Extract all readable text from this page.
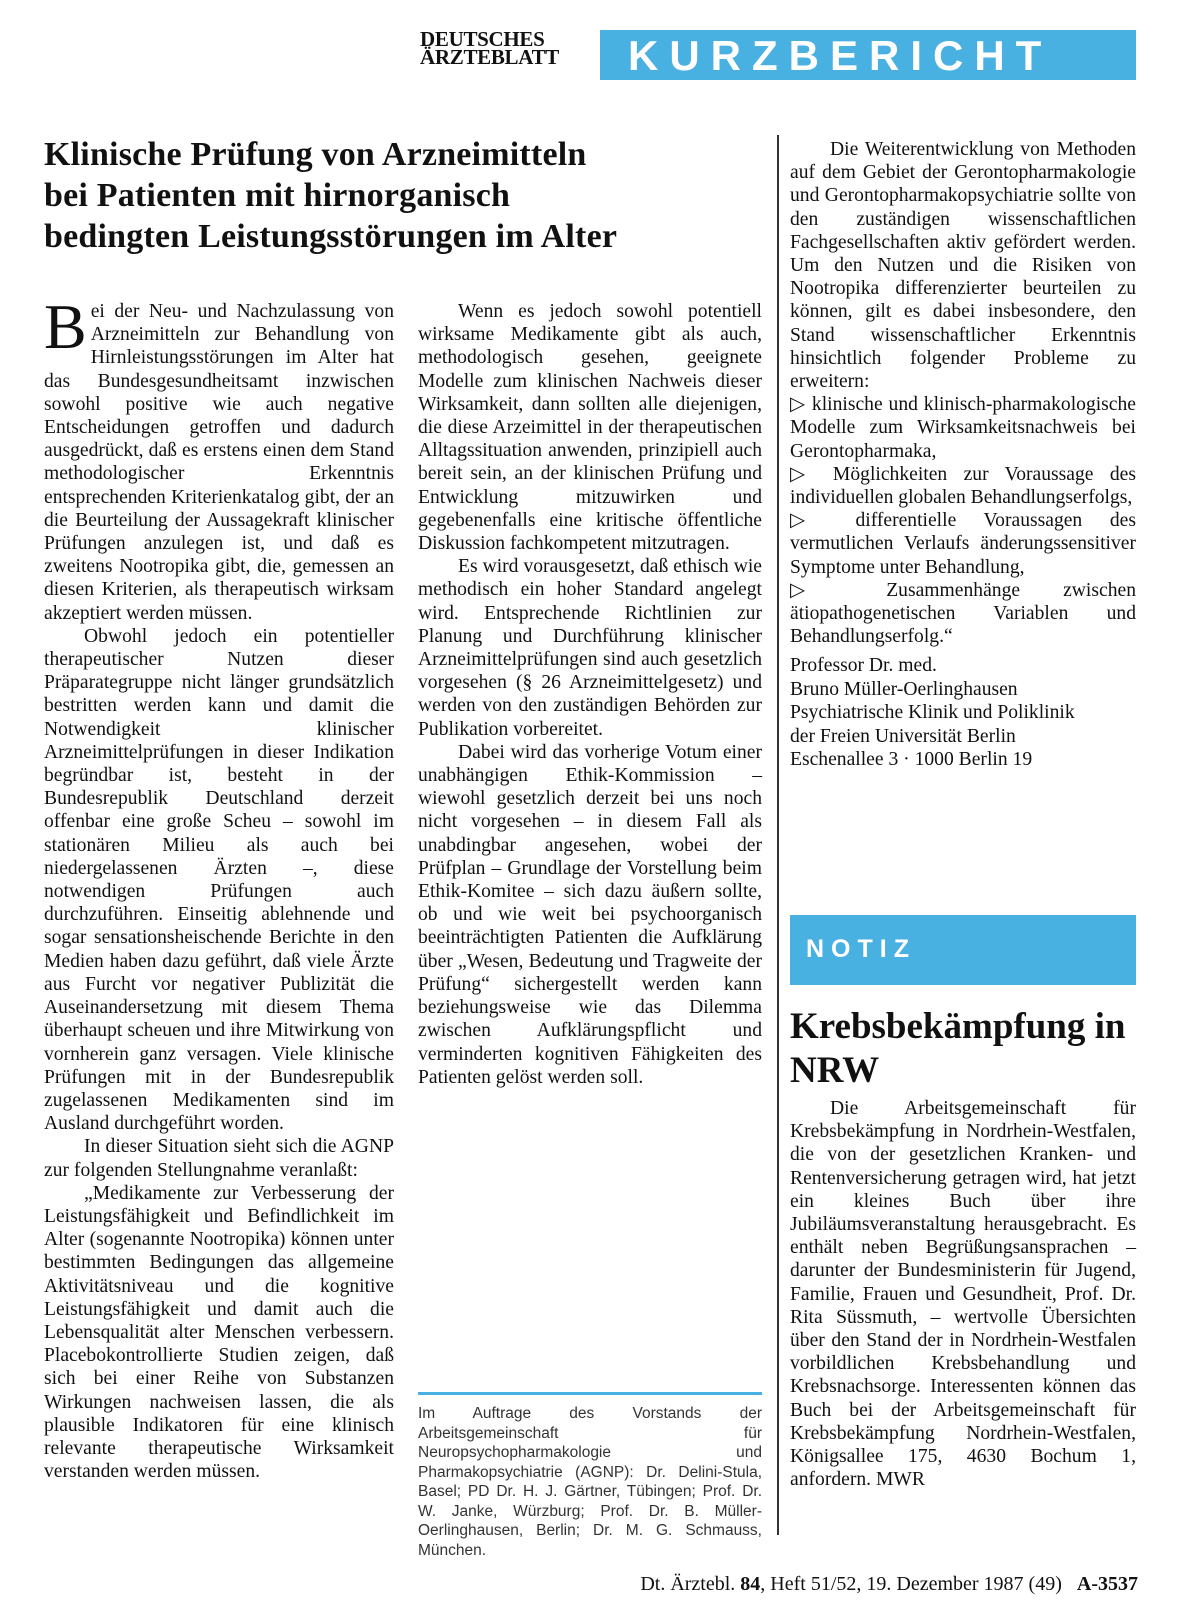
DEUTSCHES
ÄRZTEBLATT	KURZBERICHT
Klinische Prüfung von Arzneimitteln
bei Patienten mit hirnorganisch
bedingten Leistungsstörungen im Alter

Bei der Neu- und Nachzulassung von Arzneimitteln zur Behandlung von Hirnleistungsstörungen im Alter hat das Bundesgesundheitsamt inzwischen sowohl positive wie auch negative Entscheidungen getroffen und dadurch ausgedrückt, daß es erstens einen dem Stand methodologischer Erkenntnis entsprechenden Kriterienkatalog gibt, der an die Beurteilung der Aussagekraft klinischer Prüfungen anzulegen ist, und daß es zweitens Nootropika gibt, die, gemessen an diesen Kriterien, als therapeutisch wirksam akzeptiert werden müssen.

Obwohl jedoch ein potentieller therapeutischer Nutzen dieser Präparategruppe nicht länger grundsätzlich bestritten werden kann und damit die Notwendigkeit klinischer Arzneimittelprüfungen in dieser Indikation begründbar ist, besteht in der Bundesrepublik Deutschland derzeit offenbar eine große Scheu – sowohl im stationären Milieu als auch bei niedergelassenen Ärzten –, diese notwendigen Prüfungen auch durchzuführen. Einseitig ablehnende und sogar sensationsheischende Berichte in den Medien haben dazu geführt, daß viele Ärzte aus Furcht vor negativer Publizität die Auseinandersetzung mit diesem Thema überhaupt scheuen und ihre Mitwirkung von vornherein ganz versagen. Viele klinische Prüfungen mit in der Bundesrepublik zugelassenen Medikamenten sind im Ausland durchgeführt worden.

In dieser Situation sieht sich die AGNP zur folgenden Stellungnahme veranlaßt:

„Medikamente zur Verbesserung der Leistungsfähigkeit und Befindlichkeit im Alter (sogenannte Nootropika) können unter bestimmten Bedingungen das allgemeine Aktivitätsniveau und die kognitive Leistungsfähigkeit und damit auch die Lebensqualität alter Menschen verbessern. Placebokontrollierte Studien zeigen, daß sich bei einer Reihe von Substanzen Wirkungen nachweisen lassen, die als plausible Indikatoren für eine klinisch relevante therapeutische Wirksamkeit verstanden werden müssen.

Wenn es jedoch sowohl potentiell wirksame Medikamente gibt als auch, methodologisch gesehen, geeignete Modelle zum klinischen Nachweis dieser Wirksamkeit, dann sollten alle diejenigen, die diese Arzeimittel in der therapeutischen Alltagssituation anwenden, prinzipiell auch bereit sein, an der klinischen Prüfung und Entwicklung mitzuwirken und gegebenenfalls eine kritische öffentliche Diskussion fachkompetent mitzutragen.

Es wird vorausgesetzt, daß ethisch wie methodisch ein hoher Standard angelegt wird. Entsprechende Richtlinien zur Planung und Durchführung klinischer Arzneimittelprüfungen sind auch gesetzlich vorgesehen (§ 26 Arzneimittelgesetz) und werden von den zuständigen Behörden zur Publikation vorbereitet.

Dabei wird das vorherige Votum einer unabhängigen Ethik-Kommission – wiewohl gesetzlich derzeit bei uns noch nicht vorgesehen – in diesem Fall als unabdingbar angesehen, wobei der Prüfplan – Grundlage der Vorstellung beim Ethik-Komitee – sich dazu äußern sollte, ob und wie weit bei psychoorganisch beeinträchtigten Patienten die Aufklärung über „Wesen, Bedeutung und Tragweite der Prüfung“ sichergestellt werden kann beziehungsweise wie das Dilemma zwischen Aufklärungspflicht und verminderten kognitiven Fähigkeiten des Patienten gelöst werden soll.

Im Auftrage des Vorstands der Arbeitsgemeinschaft für Neuropsychopharmakologie und Pharmakopsychiatrie (AGNP): Dr. Delini-Stula, Basel; PD Dr. H. J. Gärtner, Tübingen; Prof. Dr. W. Janke, Würzburg; Prof. Dr. B. Müller-Oerlinghausen, Berlin; Dr. M. G. Schmauss, München.

Die Weiterentwicklung von Methoden auf dem Gebiet der Gerontopharmakologie und Gerontopharmakopsychiatrie sollte von den zuständigen wissenschaftlichen Fachgesellschaften aktiv gefördert werden. Um den Nutzen und die Risiken von Nootropika differenzierter beurteilen zu können, gilt es dabei insbesondere, den Stand wissenschaftlicher Erkenntnis hinsichtlich folgender Probleme zu erweitern:

▷ klinische und klinisch-pharmakologische Modelle zum Wirksamkeitsnachweis bei Gerontopharmaka,

▷ Möglichkeiten zur Voraussage des individuellen globalen Behandlungserfolgs,

▷ differentielle Voraussagen des vermutlichen Verlaufs änderungssensitiver Symptome unter Behandlung,

▷ Zusammenhänge zwischen ätiopathogenetischen Variablen und Behandlungserfolg.“

Professor Dr. med.
Bruno Müller-Oerlinghausen
Psychiatrische Klinik und Poliklinik
der Freien Universität Berlin
Eschenallee 3 · 1000 Berlin 19
NOTIZ
Krebsbekämpfung in NRW

Die Arbeitsgemeinschaft für Krebsbekämpfung in Nordrhein-Westfalen, die von der gesetzlichen Kranken- und Rentenversicherung getragen wird, hat jetzt ein kleines Buch über ihre Jubiläumsveranstaltung herausgebracht. Es enthält neben Begrüßungsansprachen – darunter der Bundesministerin für Jugend, Familie, Frauen und Gesundheit, Prof. Dr. Rita Süssmuth, – wertvolle Übersichten über den Stand der in Nordrhein-Westfalen vorbildlichen Krebsbehandlung und Krebsnachsorge. Interessenten können das Buch bei der Arbeitsgemeinschaft für Krebsbekämpfung Nordrhein-Westfalen, Königsallee 175, 4630 Bochum 1, anfordern. MWR

Dt. Ärztebl. 84, Heft 51/52, 19. Dezember 1987 (49) A-3537
